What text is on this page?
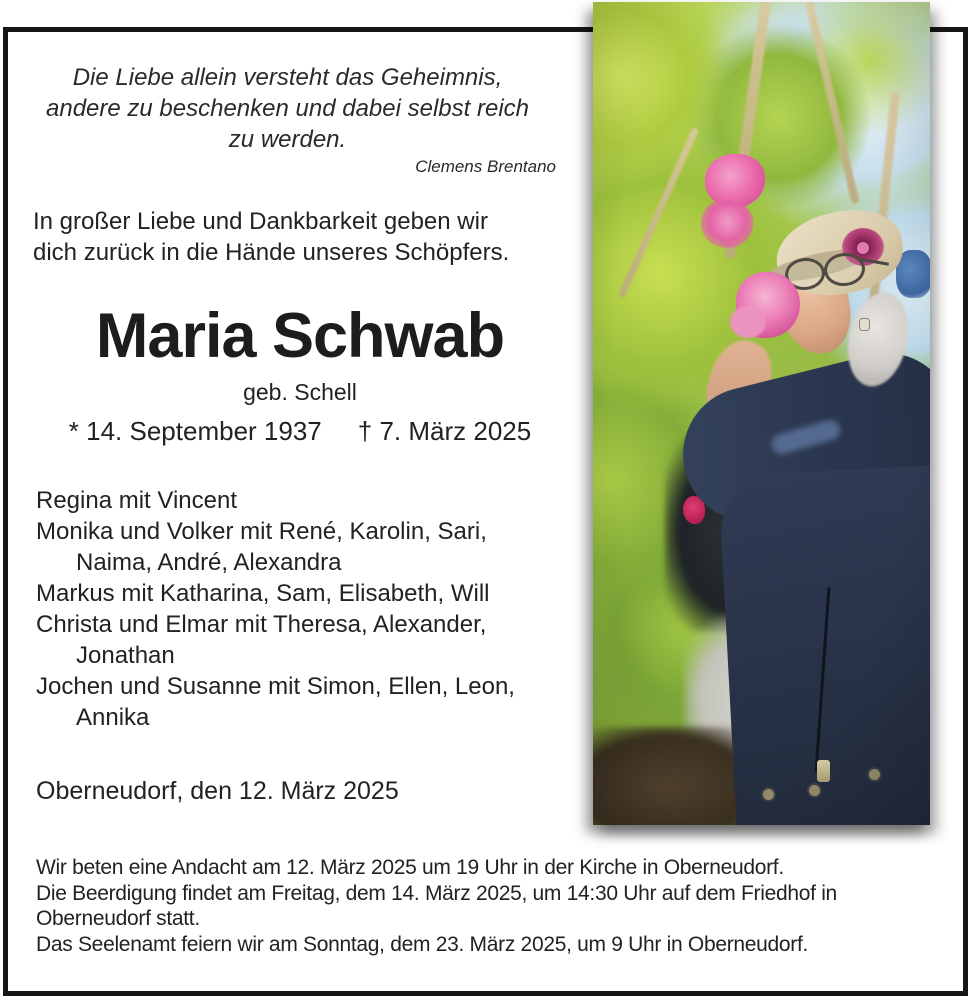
Die Liebe allein versteht das Geheimnis,
andere zu beschenken und dabei selbst reich
zu werden.
Clemens Brentano
In großer Liebe und Dankbarkeit geben wir
dich zurück in die Hände unseres Schöpfers.
Maria Schwab
geb. Schell
* 14. September 1937 † 7. März 2025
Regina mit Vincent
Monika und Volker mit René, Karolin, Sari,
Naima, André, Alexandra
Markus mit Katharina, Sam, Elisabeth, Will
Christa und Elmar mit Theresa, Alexander,
Jonathan
Jochen und Susanne mit Simon, Ellen, Leon,
Annika
Oberneudorf, den 12. März 2025

Wir beten eine Andacht am 12. März 2025 um 19 Uhr in der Kirche in Oberneudorf.

Die Beerdigung findet am Freitag, dem 14. März 2025, um 14:30 Uhr auf dem Friedhof in Oberneudorf statt.

Das Seelenamt feiern wir am Sonntag, dem 23. März 2025, um 9 Uhr in Oberneudorf.
